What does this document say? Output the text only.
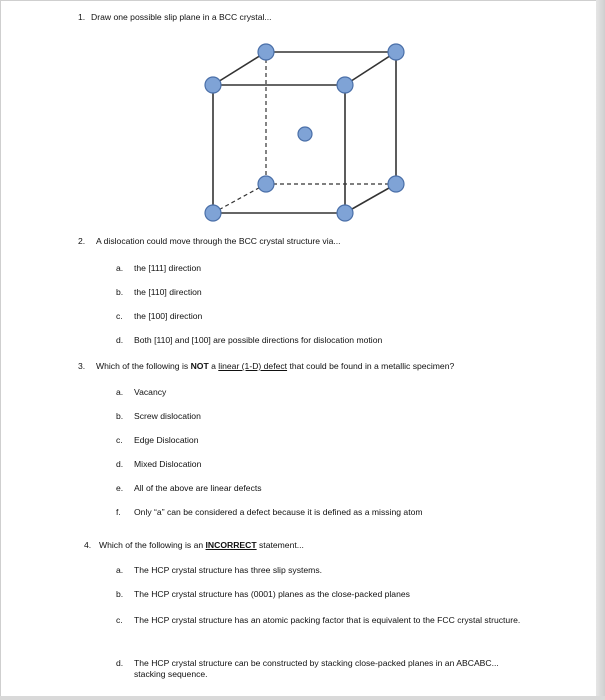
1. Draw one possible slip plane in a BCC crystal...
2. A dislocation could move through the BCC crystal structure via...
a. the [111] direction
b. the [110] direction
c. the [100] direction
d. Both [110] and [100] are possible directions for dislocation motion
3. Which of the following is NOT a linear (1-D) defect that could be found in a metallic specimen?
a. Vacancy
b. Screw dislocation
c. Edge Dislocation
d. Mixed Dislocation
e. All of the above are linear defects
f. Only “a” can be considered a defect because it is defined as a missing atom
4. Which of the following is an INCORRECT statement...
a. The HCP crystal structure has three slip systems.
b. The HCP crystal structure has (0001) planes as the close-packed planes
c. The HCP crystal structure has an atomic packing factor that is equivalent to the FCC crystal structure.
d. The HCP crystal structure can be constructed by stacking close-packed planes in an ABCABC... stacking sequence.
